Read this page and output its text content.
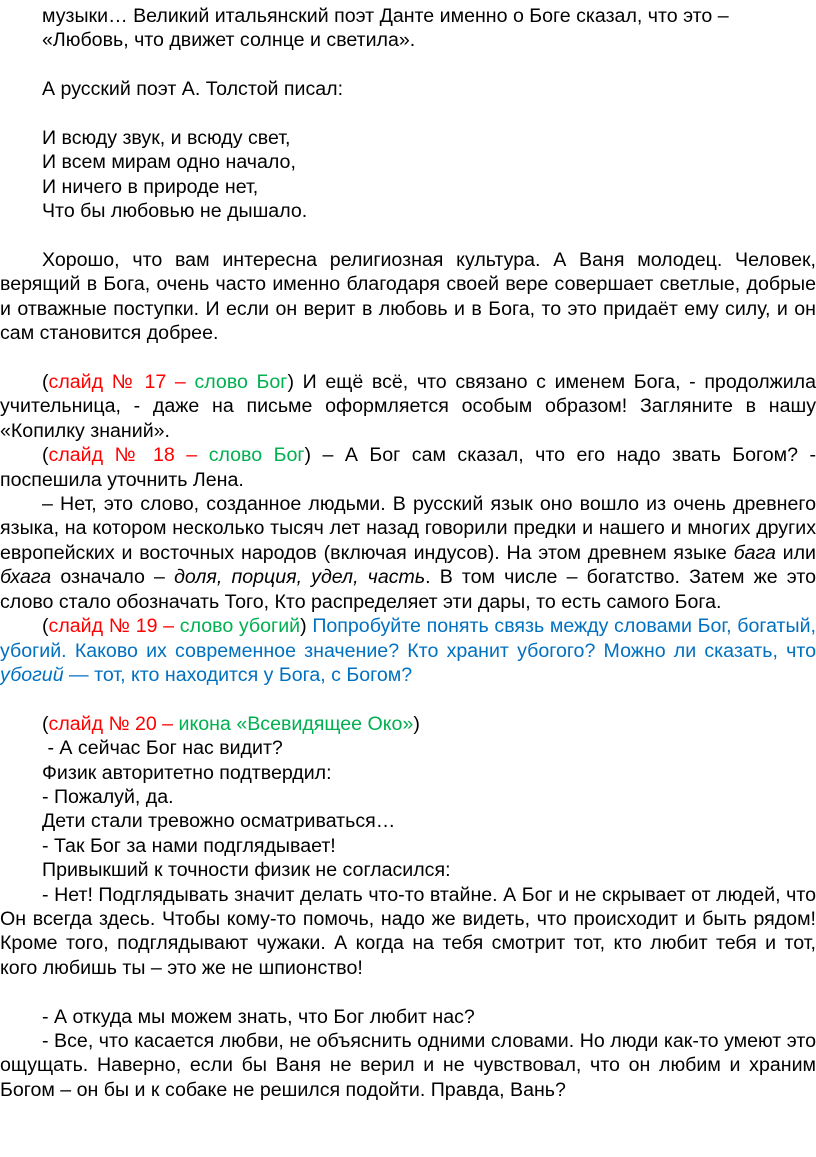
музыки… Великий итальянский поэт Данте именно о Боге сказал, что это –

«Любовь, что движет солнце и светила».

А русский поэт А. Толстой писал:

И всюду звук, и всюду свет,

И всем мирам одно начало,

И ничего в природе нет,

Что бы любовью не дышало.

Хорошо, что вам интересна религиозная культура. А Ваня молодец. Человек, верящий в Бога, очень часто именно благодаря своей вере совершает светлые, добрые и отважные поступки. И если он верит в любовь и в Бога, то это придаёт ему силу, и он сам становится добрее.

(слайд № 17 – слово Бог) И ещё всё, что связано с именем Бога, - продолжила учительница, - даже на письме оформляется особым образом! Загляните в нашу «Копилку знаний».

(слайд № 18 – слово Бог) – А Бог сам сказал, что его надо звать Богом? - поспешила уточнить Лена.

– Нет, это слово, созданное людьми. В русский язык оно вошло из очень древнего языка, на котором несколько тысяч лет назад говорили предки и нашего и многих других европейских и восточных народов (включая индусов). На этом древнем языке бага или бхага означало – доля, порция, удел, часть. В том числе – богатство. Затем же это слово стало обозначать Того, Кто распределяет эти дары, то есть самого Бога.

(слайд № 19 – слово убогий) Попробуйте понять связь между словами Бог, богатый, убогий. Каково их современное значение? Кто хранит убогого? Можно ли сказать, что убогий — тот, кто находится у Бога, с Богом?

(слайд № 20 – икона «Всевидящее Око»)

- А сейчас Бог нас видит?

Физик авторитетно подтвердил:

- Пожалуй, да.

Дети стали тревожно осматриваться…

- Так Бог за нами подглядывает!

Привыкший к точности физик не согласился:

- Нет! Подглядывать значит делать что-то втайне. А Бог и не скрывает от людей, что Он всегда здесь. Чтобы кому-то помочь, надо же видеть, что происходит и быть рядом! Кроме того, подглядывают чужаки. А когда на тебя смотрит тот, кто любит тебя и тот, кого любишь ты – это же не шпионство!

- А откуда мы можем знать, что Бог любит нас?

- Все, что касается любви, не объяснить одними словами. Но люди как-то умеют это ощущать. Наверно, если бы Ваня не верил и не чувствовал, что он любим и храним Богом – он бы и к собаке не решился подойти. Правда, Вань?
